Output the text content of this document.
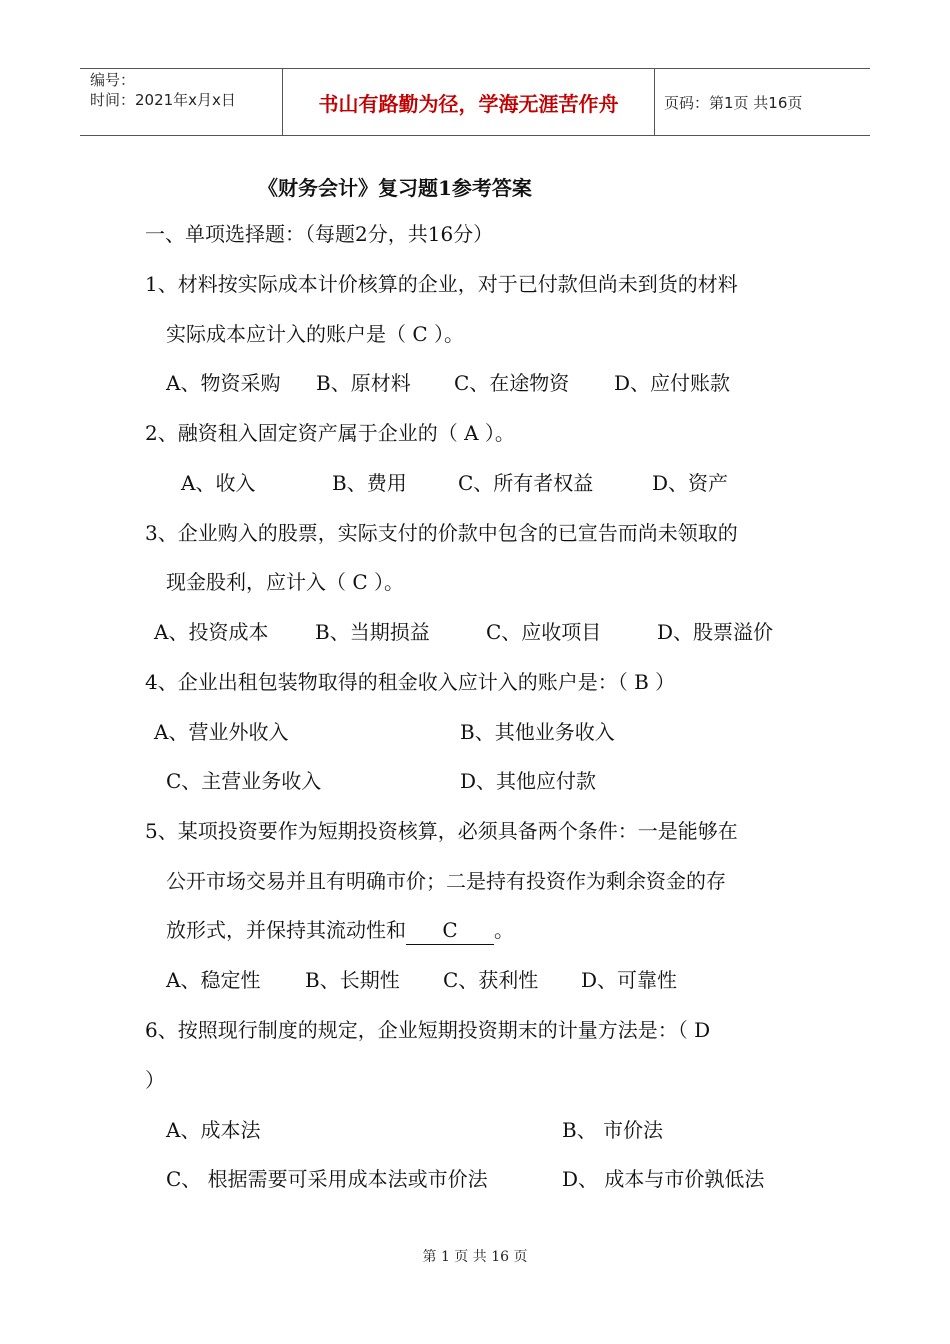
编号：
时间：2021年x月x日	书山有路勤为径，学海无涯苦作舟	页码：第1页 共16页
《财务会计》复习题1参考答案
一、单项选择题：（每题2分，共16分）
1、材料按实际成本计价核算的企业，对于已付款但尚未到货的材料
实际成本应计入的账户是（ C ）。
A、物资采购 B、原材料 C、在途物资 D、应付账款
2、融资租入固定资产属于企业的（ A ）。
A、收入	B、费用	C、所有者权益	D、资产
3、企业购入的股票，实际支付的价款中包含的已宣告而尚未领取的
现金股利，应计入（ C ）。
A、投资成本 B、当期损益	C、应收项目	D、股票溢价
4、企业出租包装物取得的租金收入应计入的账户是：（ B ）
A、营业外收入	B、其他业务收入
C、主营业务收入	D、其他应付款
5、某项投资要作为短期投资核算，必须具备两个条件：一是能够在
公开市场交易并且有明确市价；二是持有投资作为剩余资金的存
放形式，并保持其流动性和 C 。
A、稳定性 B、长期性 C、获利性 D、可靠性
6、按照现行制度的规定，企业短期投资期末的计量方法是：（ D
）
A、成本法	B、 市价法
C、 根据需要可采用成本法或市价法	D、 成本与市价孰低法
第 1 页 共 16 页
